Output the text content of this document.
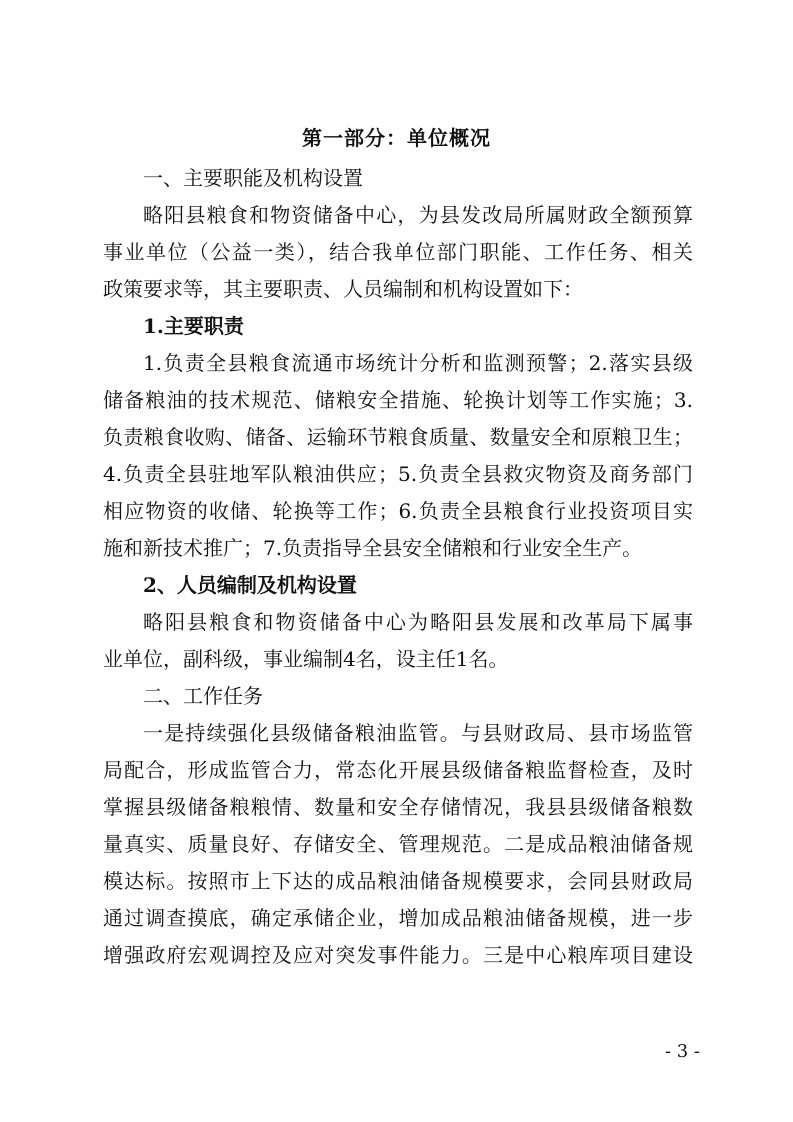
第一部分：单位概况
一、主要职能及机构设置
略阳县粮食和物资储备中心，为县发改局所属财政全额预算
事业单位（公益一类），结合我单位部门职能、工作任务、相关
政策要求等，其主要职责、人员编制和机构设置如下：
1.主要职责
1.负责全县粮食流通市场统计分析和监测预警；2.落实县级
储备粮油的技术规范、储粮安全措施、轮换计划等工作实施；3.
负责粮食收购、储备、运输环节粮食质量、数量安全和原粮卫生；
4.负责全县驻地军队粮油供应；5.负责全县救灾物资及商务部门
相应物资的收储、轮换等工作；6.负责全县粮食行业投资项目实
施和新技术推广；7.负责指导全县安全储粮和行业安全生产。
2、人员编制及机构设置
略阳县粮食和物资储备中心为略阳县发展和改革局下属事
业单位，副科级，事业编制4名，设主任1名。
二、工作任务
一是持续强化县级储备粮油监管。与县财政局、县市场监管
局配合，形成监管合力，常态化开展县级储备粮监督检查，及时
掌握县级储备粮粮情、数量和安全存储情况，我县县级储备粮数
量真实、质量良好、存储安全、管理规范。二是成品粮油储备规
模达标。按照市上下达的成品粮油储备规模要求，会同县财政局
通过调查摸底，确定承储企业，增加成品粮油储备规模，进一步
增强政府宏观调控及应对突发事件能力。三是中心粮库项目建设
- 3 -
